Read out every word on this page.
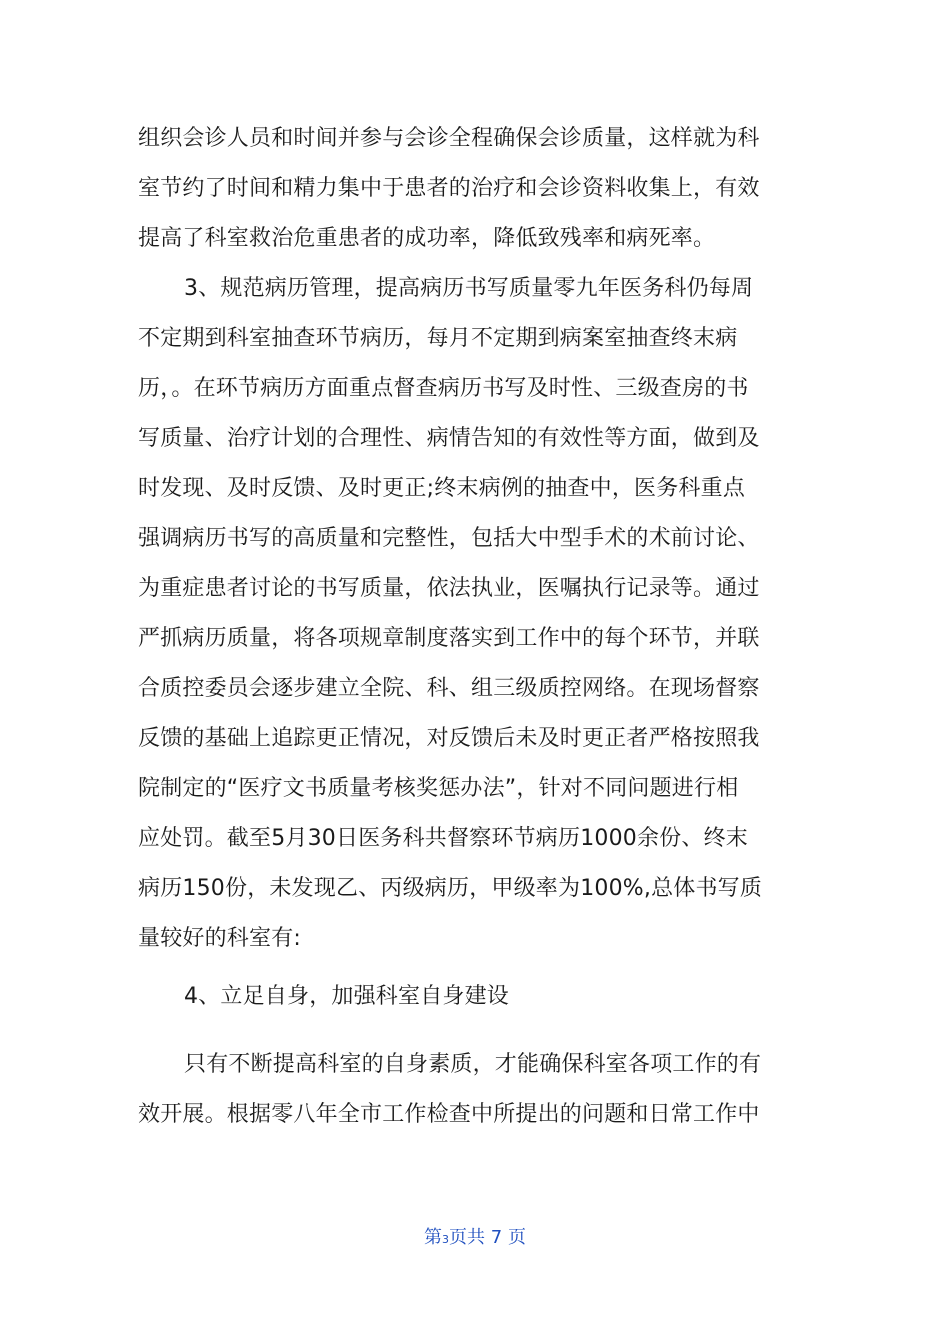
组织会诊人员和时间并参与会诊全程确保会诊质量，这样就为科
室节约了时间和精力集中于患者的治疗和会诊资料收集上，有效
提高了科室救治危重患者的成功率，降低致残率和病死率。
3、规范病历管理，提高病历书写质量零九年医务科仍每周
不定期到科室抽查环节病历，每月不定期到病案室抽查终末病
历，。在环节病历方面重点督查病历书写及时性、三级查房的书
写质量、治疗计划的合理性、病情告知的有效性等方面，做到及
时发现、及时反馈、及时更正;终末病例的抽查中，医务科重点
强调病历书写的高质量和完整性，包括大中型手术的术前讨论、
为重症患者讨论的书写质量，依法执业，医嘱执行记录等。通过
严抓病历质量，将各项规章制度落实到工作中的每个环节，并联
合质控委员会逐步建立全院、科、组三级质控网络。在现场督察
反馈的基础上追踪更正情况，对反馈后未及时更正者严格按照我
院制定的“医疗文书质量考核奖惩办法”，针对不同问题进行相
应处罚。截至5月30日医务科共督察环节病历1000余份、终末
病历150份，未发现乙、丙级病历，甲级率为100%,总体书写质
量较好的科室有:
4、立足自身，加强科室自身建设
只有不断提高科室的自身素质，才能确保科室各项工作的有
效开展。根据零八年全市工作检查中所提出的问题和日常工作中
第3页共 7 页
